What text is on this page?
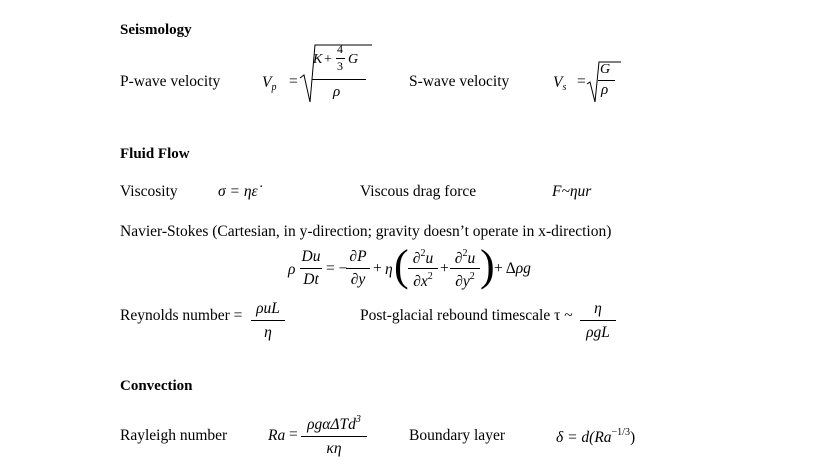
Seismology
P-wave velocity	$V_p$ =
K +
4
3 G
ρ
S-wave velocity	$V_s$ =
G
ρ
Fluid Flow
Viscosity	σ = ηε̇	Viscous drag force	F~ηur
Navier-Stokes (Cartesian, in y-direction; gravity doesn’t operate in x-direction)
ρ
Du
Dt
= −
∂P
∂y
+ η ( ∂$^2$u
$\partial x^2$ +
∂$^2$u
$\partial y^2$ ) + Δρg
Reynolds number = ρuL
η
Post-glacial rebound timescale τ ~	η
ρgL
Convection
Rayleigh number	Ra =
ρgαΔTd$^3$
κη
Boundary layer	$\delta = d(Ra^{-1/3})$
